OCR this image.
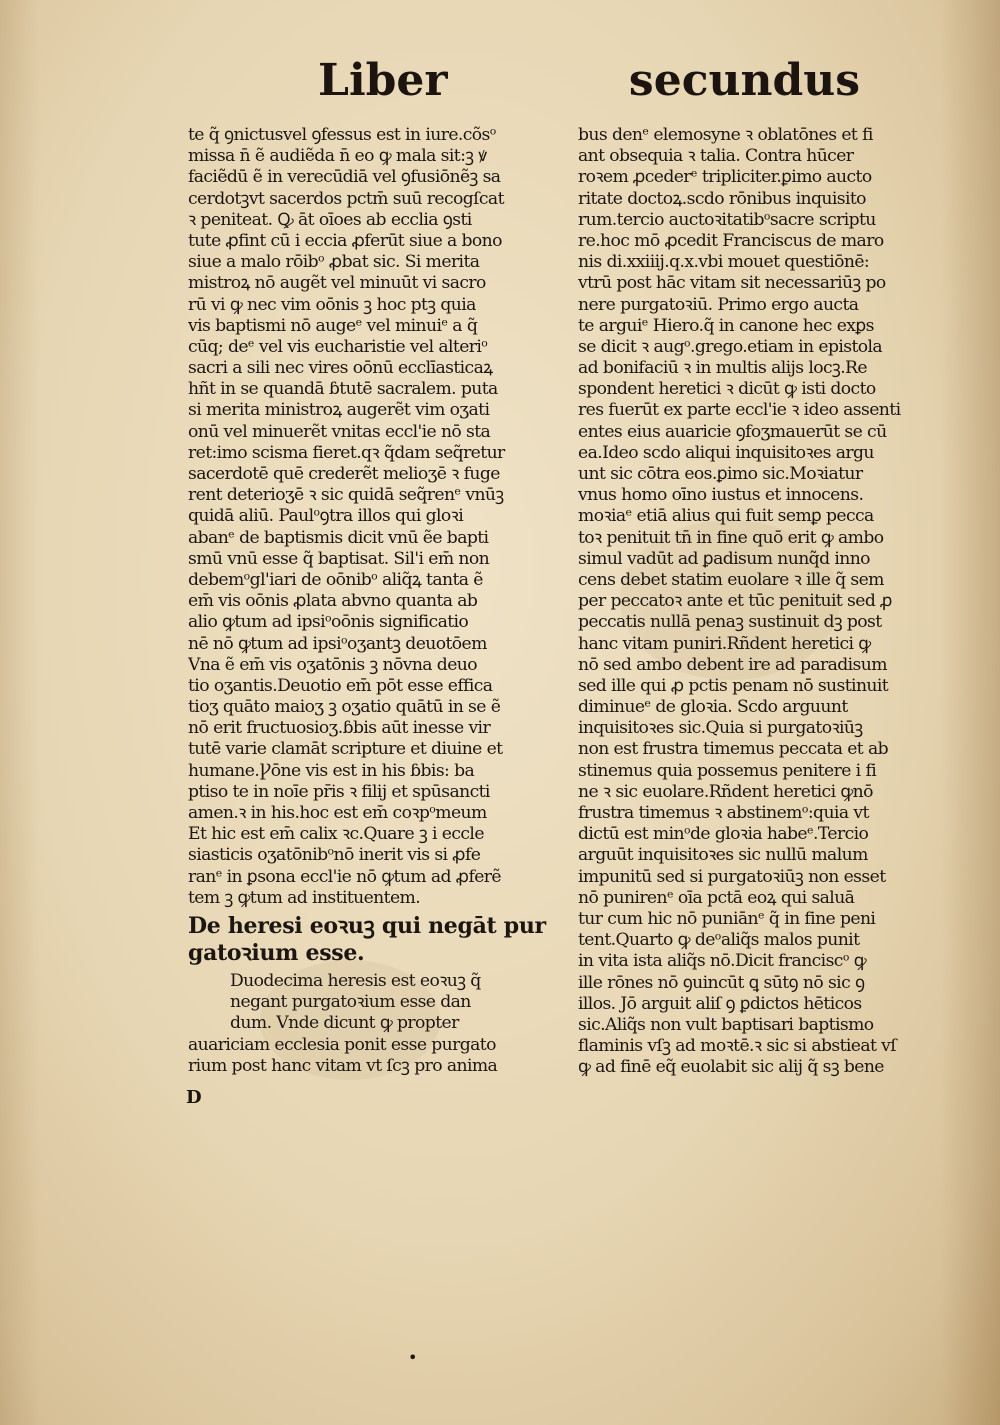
Liber	secundus
te q̃ ꝯnictusvel ꝯfessus est in iure.cõsᵒ
missa n̄ ẽ audiẽda n̄ eo ꝙ mala sit:ꝫ ꝟ
faciẽdū ẽ in verecūdiā vel ꝯfusiōnẽꝫ sa
cerdotꝫvt sacerdos pctm̄ suū recogſcat
ꝛ peniteat. Ꝙ āt oīoes ab ecclia ꝯsti
tute ꝓfint cū i eccia ꝓferūt siue a bono
siue a malo rōibᵒ ꝓbat sic. Si merita
mistroꝝ nō augẽt vel minuūt vi sacro
rū vi ꝙ nec vim oōnis ꝫ hoc ptꝫ quia
vis baptismi nō augeᵉ vel minuiᵉ a q̃
cūq; deᵉ vel vis eucharistie vel alteriᵒ
sacri a sil̄i nec vires oōnū ecclīasticaꝝ
hñt in se quandā ɓtutē sacralem. puta
si merita ministroꝝ augerẽt vim oʒati
onū vel minuerẽt vnitas eccl'ie nō sta
ret:imo scisma fieret.qꝛ q̃dam seq̃retur
sacerdotē quē crederẽt melioʒē ꝛ fuge
rent deterioʒē ꝛ sic quidā seq̃renᵉ vnūꝫ
quidā aliū. Paulᵒꝯtra illos qui gloꝛi
abanᵉ de baptismis dicit vnū ẽe bapti
smū vnū esse q̃ baptisat. Sil'i em̄ non
debemᵒgl'iari de oōnibᵒ aliq̃ꝝ tanta ẽ
em̄ vis oōnis ꝓlata abvno quanta ab
alio ꝙtum ad ipsiᵒoōnis significatio
nē nō ꝙtum ad ipsiᵒoʒantꝫ deuotōem
Vna ẽ em̄ vis oʒatōnis ꝫ nōvna deuo
tio oʒantis.Deuotio em̄ pōt esse effica
tioʒ quāto maioʒ ꝫ oʒatio quātū in se ẽ
nō erit fructuosioʒ.ɓbis aūt inesse vir
tutē varie clamāt scripture et diuine et
humane.Ꝩōne vis est in his ɓbis: ba
ptiso te in noīe pr̄is ꝛ filij et spūsancti
amen.ꝛ in his.hoc est em̄ coꝛpᵒmeum
Et hic est em̄ calix ꝛc.Quare ꝫ i eccle
siasticis oʒatōnibᵒnō inerit vis si ꝓfe
ranᵉ in ꝑsona eccl'ie nō ꝙtum ad ꝓferẽ
tem ꝫ ꝙtum ad instituentem.
De heresi eoꝛuꝫ qui negāt pur
gatoꝛium esse.
Duodecima heresis est eoꝛuꝫ q̃
negant purgatoꝛium esse dan
dum. Vnde dicunt ꝙ propter
auariciam ecclesia ponit esse purgato
rium post hanc vitam vt ſcꝫ pro anima
bus denᵉ elemosyne ꝛ oblatōnes et fi
ant obsequia ꝛ talia. Contra hūcer
roꝛem ꝓcederᵉ tripliciter.ꝑimo aucto
ritate doctoꝝ.scdo rōnibus inquisito
rum.tercio auctoꝛitatibᵒsacre scriptu
re.hoc mō ꝓcedit Franciscus de maro
nis di.xxiiij.q.x.vbi mouet questiōnē:
vtrū post hāc vitam sit necessariūꝫ po
nere purgatoꝛiū. Primo ergo aucta
te arguiᵉ Hiero.q̃ in canone hec exꝑs
se dicit ꝛ augᵒ.grego.etiam in epistola
ad bonifaciū ꝛ in multis alijs locꝫ.Re
spondent heretici ꝛ dicūt ꝙ isti docto
res fuerūt ex parte eccl'ie ꝛ ideo assenti
entes eius auaricie ꝯfoʒmauerūt se cū
ea.Ideo scdo aliqui inquisitoꝛes argu
unt sic cōtra eos.ꝑimo sic.Moꝛiatur
vnus homo oīno iustus et innocens.
moꝛiaᵉ etiā alius qui fuit semꝑ pecca
toꝛ penituit tn̄ in fine quō erit ꝙ ambo
simul vadūt ad ꝑadisum nunq̃d inno
cens debet statim euolare ꝛ ille q̃ sem
per peccatoꝛ ante et tūc penituit sed ꝓ
peccatis nullā penaꝫ sustinuit dꝫ post
hanc vitam puniri.Rñdent heretici ꝙ
nō sed ambo debent ire ad paradisum
sed ille qui ꝓ pctis penam nō sustinuit
diminueᵉ de gloꝛia. Scdo arguunt
inquisitoꝛes sic.Quia si purgatoꝛiūꝫ
non est frustra timemus peccata et ab
stinemus quia possemus penitere i fi
ne ꝛ sic euolare.Rñdent heretici ꝙnō
frustra timemus ꝛ abstinemᵒ:quia vt
dictū est minᵒde gloꝛia habeᵉ.Tercio
arguūt inquisitoꝛes sic nullū malum
impunitū sed si purgatoꝛiūꝫ non esset
nō punirenᵉ oīa pctā eoꝝ qui saluā
tur cum hic nō puniānᵉ q̃ in fine peni
tent.Quarto ꝙ deᵒaliq̃s malos punit
in vita ista aliq̃s nō.Dicit franciscᵒ ꝙ
ille rōnes nō ꝯuincūt ꝗ sūtꝯ nō sic ꝯ
illos. Jō arguit aliſ ꝯ ꝑdictos hēticos
sic.Aliq̃s non vult baptisari baptismo
flaminis vſꝫ ad moꝛtē.ꝛ sic si abstieat vſ
ꝙ ad finē eq̃ euolabit sic alij q̃ sꝫ bene
D
•
